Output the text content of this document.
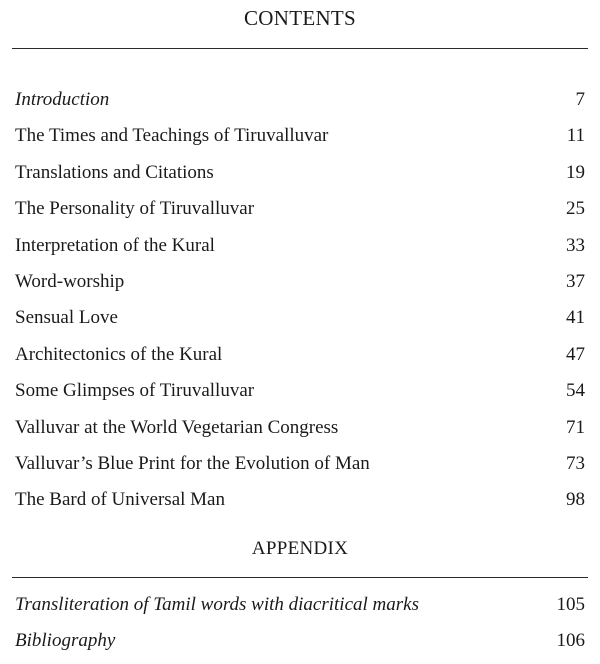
CONTENTS
Introduction	7
The Times and Teachings of Tiruvalluvar	11
Translations and Citations	19
The Personality of Tiruvalluvar	25
Interpretation of the Kural	33
Word-worship	37
Sensual Love	41
Architectonics of the Kural	47
Some Glimpses of Tiruvalluvar	54
Valluvar at the World Vegetarian Congress	71
Valluvar’s Blue Print for the Evolution of Man	73
The Bard of Universal Man	98
APPENDIX
Transliteration of Tamil words with diacritical marks	105
Bibliography	106
